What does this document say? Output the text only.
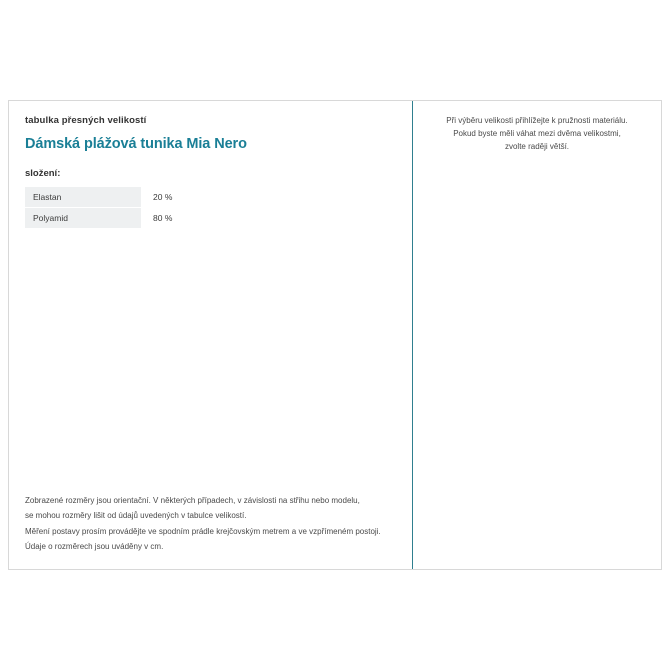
tabulka přesných velikostí

Dámská plážová tunika Mia Nero

složení:

Elastan	20 %
Polyamid	80 %

Zobrazené rozměry jsou orientační. V některých případech, v závislosti na střihu nebo modelu,

se mohou rozměry lišit od údajů uvedených v tabulce velikostí.

Měření postavy prosím provádějte ve spodním prádle krejčovským metrem a ve vzpřímeném postoji.

Údaje o rozměrech jsou uváděny v cm.

Při výběru velikosti přihlížejte k pružnosti materiálu.
Pokud byste měli váhat mezi dvěma velikostmi,
zvolte raději větší.
